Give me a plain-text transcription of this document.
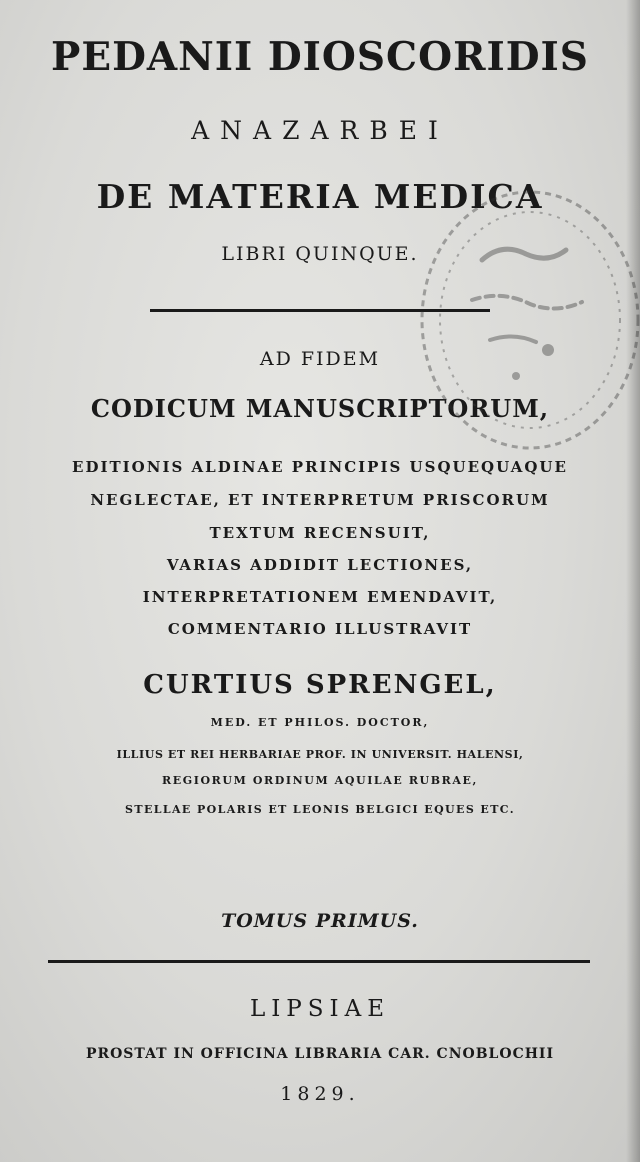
PEDANII DIOSCORIDIS
ANAZARBEI
DE MATERIA MEDICA
LIBRI QUINQUE.
AD FIDEM
CODICUM MANUSCRIPTORUM,
EDITIONIS ALDINAE PRINCIPIS USQUEQUAQUE
NEGLECTAE, ET INTERPRETUM PRISCORUM
TEXTUM RECENSUIT,
VARIAS ADDIDIT LECTIONES,
INTERPRETATIONEM EMENDAVIT,
COMMENTARIO ILLUSTRAVIT
CURTIUS SPRENGEL,
MED. ET PHILOS. DOCTOR,
ILLIUS ET REI HERBARIAE PROF. IN UNIVERSIT. HALENSI,
REGIORUM ORDINUM AQUILAE RUBRAE,
STELLAE POLARIS ET LEONIS BELGICI EQUES ETC.
TOMUS PRIMUS.
LIPSIAE
PROSTAT IN OFFICINA LIBRARIA CAR. CNOBLOCHII
1829.
